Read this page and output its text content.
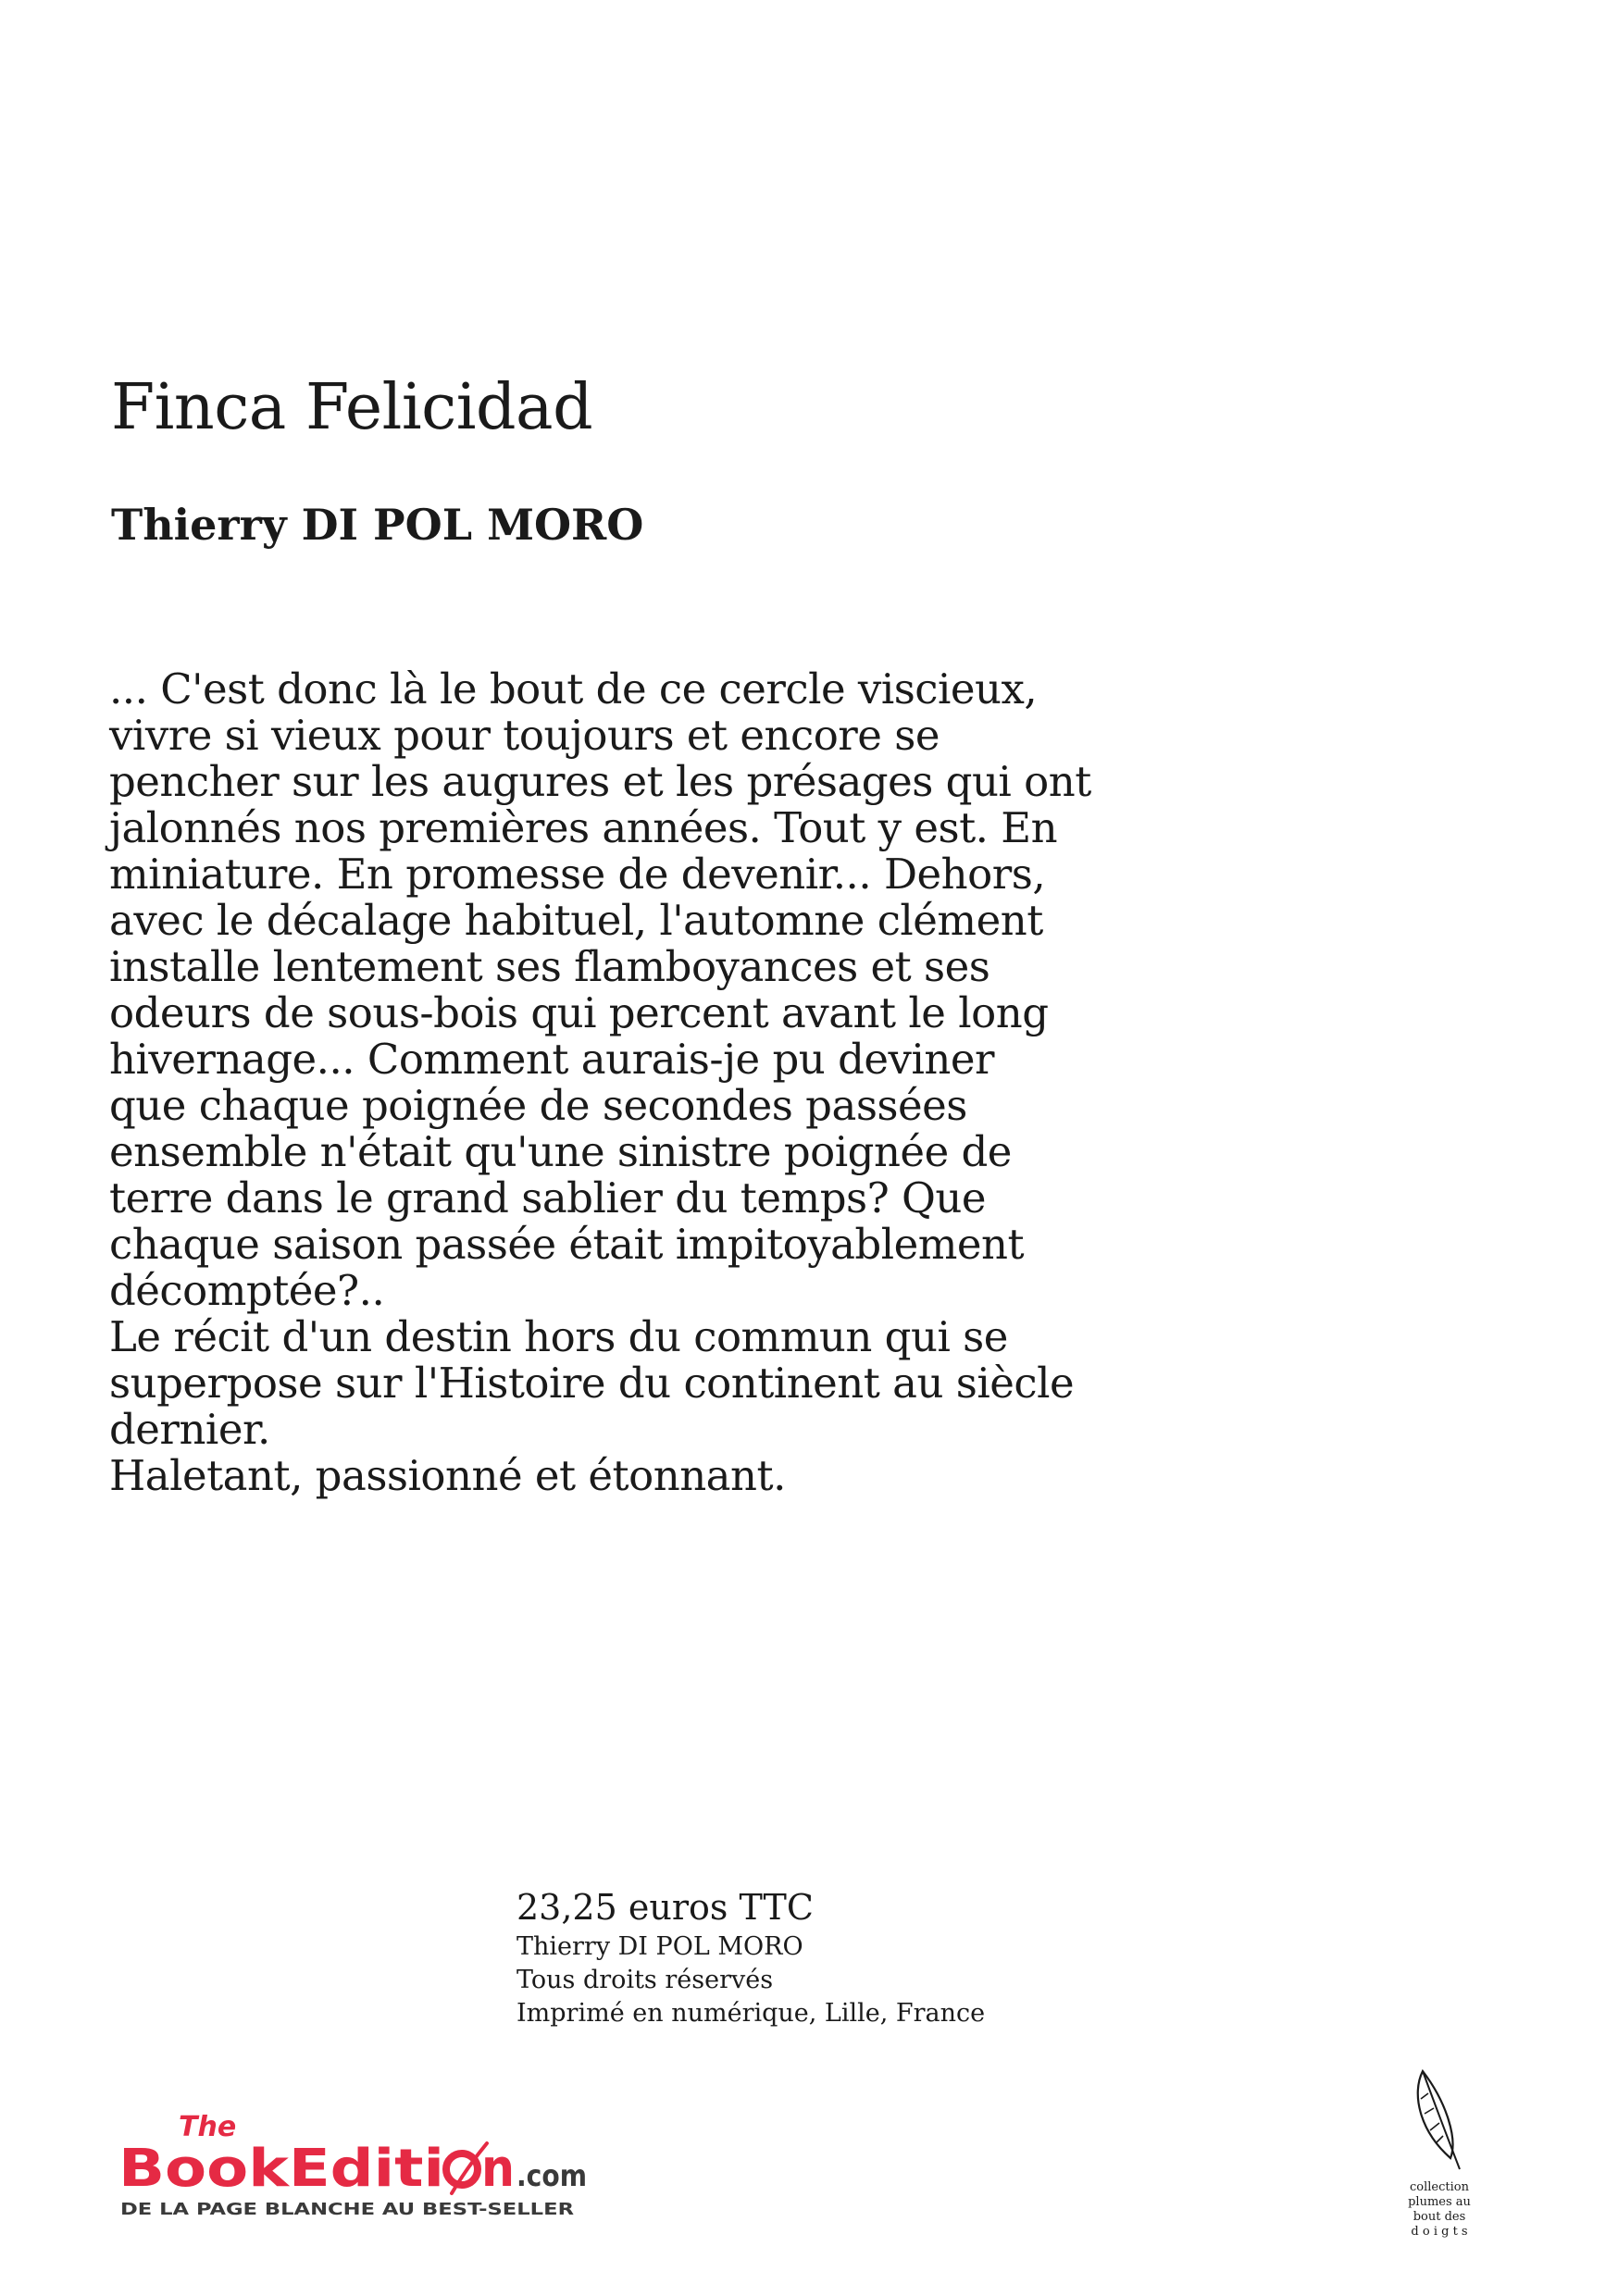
Finca Felicidad
Thierry DI POL MORO
... C'est donc là le bout de ce cercle viscieux,
vivre si vieux pour toujours et encore se
pencher sur les augures et les présages qui ont
jalonnés nos premières années. Tout y est. En
miniature. En promesse de devenir... Dehors,
avec le décalage habituel, l'automne clément
installe lentement ses flamboyances et ses
odeurs de sous-bois qui percent avant le long
hivernage... Comment aurais-je pu deviner
que chaque poignée de secondes passées
ensemble n'était qu'une sinistre poignée de
terre dans le grand sablier du temps? Que
chaque saison passée était impitoyablement
décomptée?..
Le récit d'un destin hors du commun qui se
superpose sur l'Histoire du continent au siècle
dernier.
Haletant, passionné et étonnant.
23,25 euros TTC
Thierry DI POL MORO
Tous droits réservés
Imprimé en numérique, Lille, France
The
BookEditi n .com
DE LA PAGE BLANCHE AU BEST-SELLER
collection
plumes au
bout des
d o i g t s
